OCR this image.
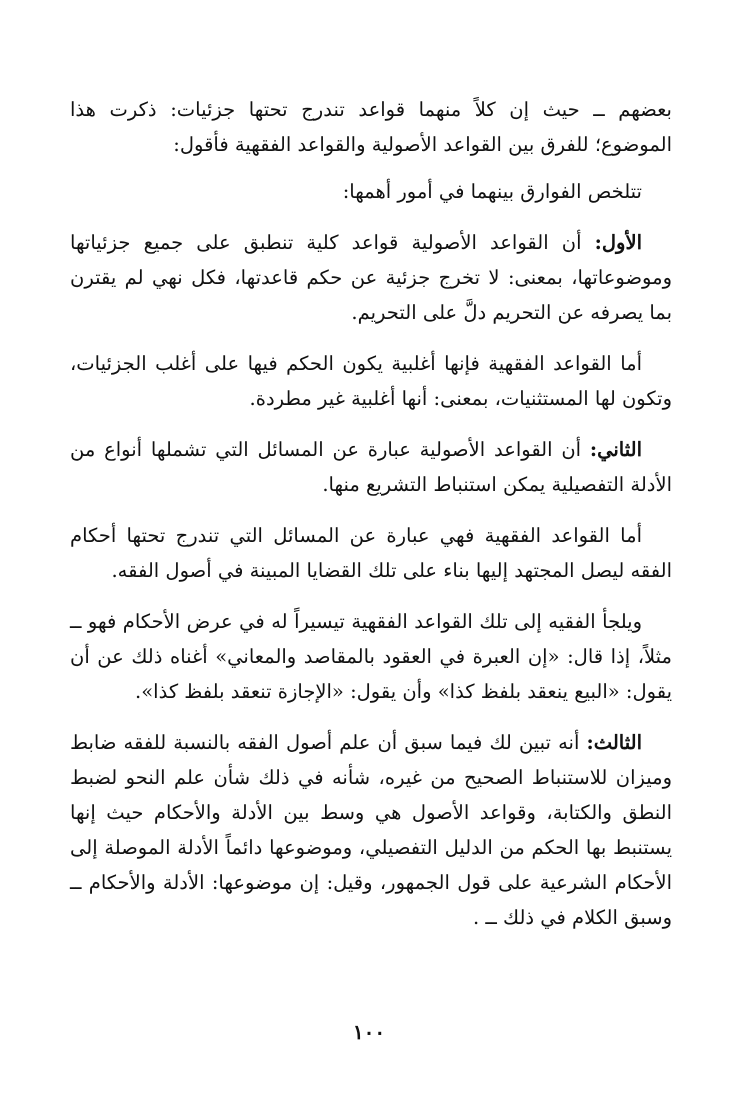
بعضهم ــ حيث إن كلاً منهما قواعد تندرج تحتها جزئيات: ذكرت هذا الموضوع؛ للفرق بين القواعد الأصولية والقواعد الفقهية فأقول:

تتلخص الفوارق بينهما في أمور أهمها:

الأول: أن القواعد الأصولية قواعد كلية تنطبق على جميع جزئياتها وموضوعاتها، بمعنى: لا تخرج جزئية عن حكم قاعدتها، فكل نهي لم يقترن بما يصرفه عن التحريم دلَّ على التحريم.

أما القواعد الفقهية فإنها أغلبية يكون الحكم فيها على أغلب الجزئيات، وتكون لها المستثنيات، بمعنى: أنها أغلبية غير مطردة.

الثاني: أن القواعد الأصولية عبارة عن المسائل التي تشملها أنواع من الأدلة التفصيلية يمكن استنباط التشريع منها.

أما القواعد الفقهية فهي عبارة عن المسائل التي تندرج تحتها أحكام الفقه ليصل المجتهد إليها بناء على تلك القضايا المبينة في أصول الفقه.

ويلجأ الفقيه إلى تلك القواعد الفقهية تيسيراً له في عرض الأحكام فهو ــ مثلاً، إذا قال: «إن العبرة في العقود بالمقاصد والمعاني» أغناه ذلك عن أن يقول: «البيع ينعقد بلفظ كذا» وأن يقول: «الإجازة تنعقد بلفظ كذا».

الثالث: أنه تبين لك فيما سبق أن علم أصول الفقه بالنسبة للفقه ضابط وميزان للاستنباط الصحيح من غيره، شأنه في ذلك شأن علم النحو لضبط النطق والكتابة، وقواعد الأصول هي وسط بين الأدلة والأحكام حيث إنها يستنبط بها الحكم من الدليل التفصيلي، وموضوعها دائماً الأدلة الموصلة إلى الأحكام الشرعية على قول الجمهور، وقيل: إن موضوعها: الأدلة والأحكام ــ وسبق الكلام في ذلك ــ .

١٠٠
